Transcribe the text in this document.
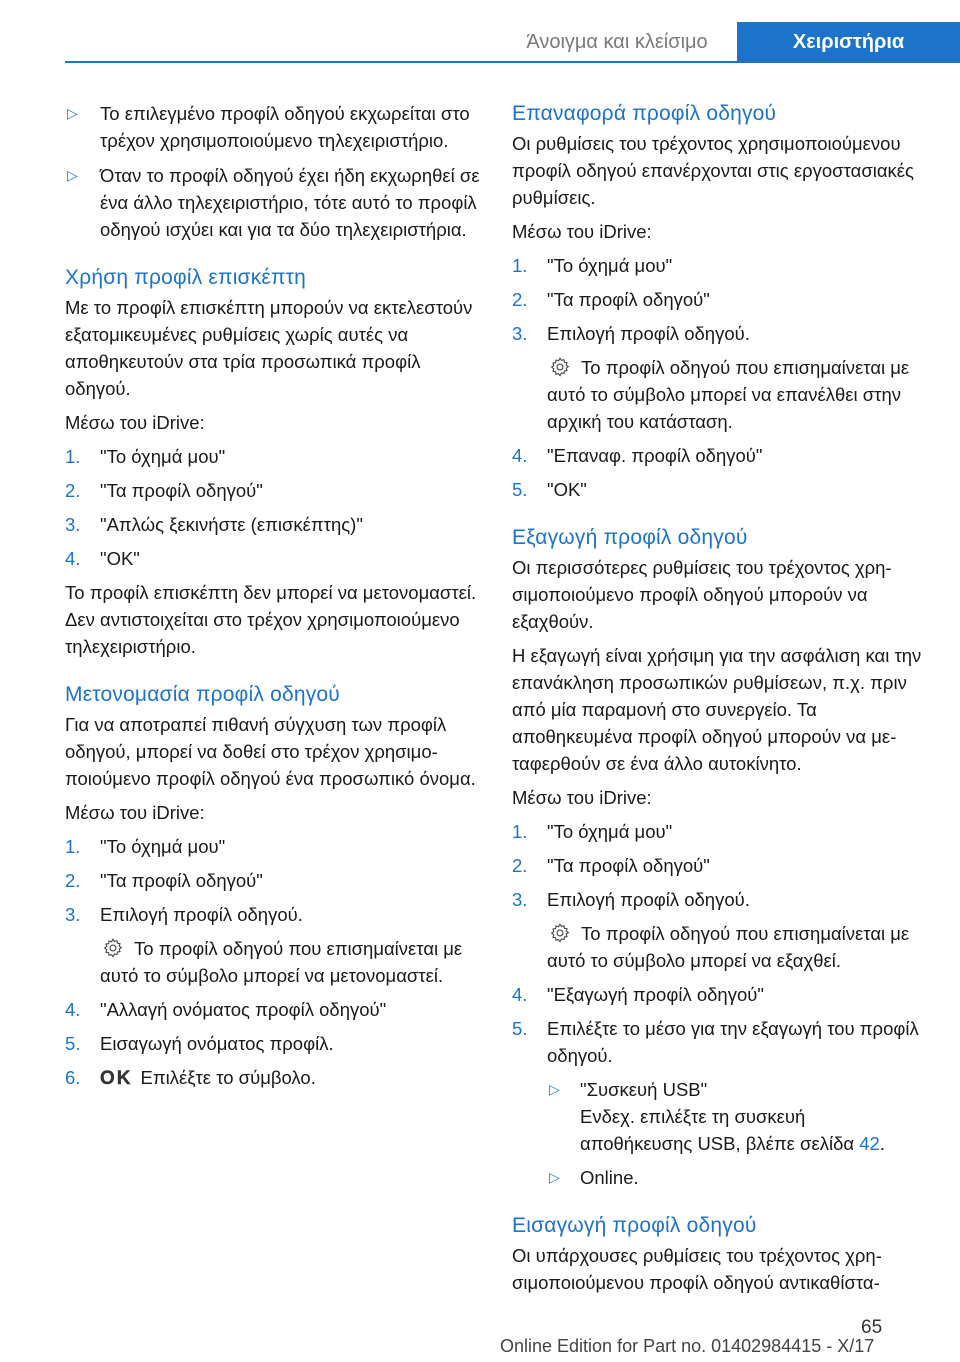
Άνοιγμα και κλείσιμο	Χειριστήρια
▷ Το επιλεγμένο προφίλ οδηγού εκχωρείται στο τρέχον χρησιμοποιούμενο τηλεχειριστήριο.
▷ Όταν το προφίλ οδηγού έχει ήδη εκχωρηθεί σε ένα άλλο τηλεχειριστήριο, τότε αυτό το προφίλ οδηγού ισχύει και για τα δύο τηλεχειριστήρια.
Χρήση προφίλ επισκέπτη

Με το προφίλ επισκέπτη μπορούν να εκτελεστούν εξατομικευμένες ρυθμίσεις χωρίς αυτές να αποθηκευτούν στα τρία προσωπικά προφίλ οδηγού.

Μέσω του iDrive:

1. "Το όχημά μου"
2. "Τα προφίλ οδηγού"
3. "Απλώς ξεκινήστε (επισκέπτης)"
4. "OK"

Το προφίλ επισκέπτη δεν μπορεί να μετονομαστεί. Δεν αντιστοιχείται στο τρέχον χρησιμοποιούμενο τηλεχειριστήριο.

Μετονομασία προφίλ οδηγού

Για να αποτραπεί πιθανή σύγχυση των προφίλ οδηγού, μπορεί να δοθεί στο τρέχον χρησιμοποιούμενο προφίλ οδηγού ένα προσωπικό όνομα.

Μέσω του iDrive:

1. "Το όχημά μου"
2. "Τα προφίλ οδηγού"
3. Επιλογή προφίλ οδηγού.
Το προφίλ οδηγού που επισημαίνεται με αυτό το σύμβολο μπορεί να μετονομαστεί.
4. "Αλλαγή ονόματος προφίλ οδηγού"
5. Εισαγωγή ονόματος προφίλ.
6. OK Επιλέξτε το σύμβολο.
Επαναφορά προφίλ οδηγού

Οι ρυθμίσεις του τρέχοντος χρησιμοποιούμενου προφίλ οδηγού επανέρχονται στις εργοστασιακές ρυθμίσεις.

Μέσω του iDrive:

1. "Το όχημά μου"
2. "Τα προφίλ οδηγού"
3. Επιλογή προφίλ οδηγού.
Το προφίλ οδηγού που επισημαίνεται με αυτό το σύμβολο μπορεί να επανέλθει στην αρχική του κατάσταση.
4. "Επαναφ. προφίλ οδηγού"
5. "OK"
Εξαγωγή προφίλ οδηγού

Οι περισσότερες ρυθμίσεις του τρέχοντος χρησιμοποιούμενο προφίλ οδηγού μπορούν να εξαχθούν.

Η εξαγωγή είναι χρήσιμη για την ασφάλιση και την επανάκληση προσωπικών ρυθμίσεων, π.χ. πριν από μία παραμονή στο συνεργείο. Τα αποθηκευμένα προφίλ οδηγού μπορούν να μεταφερθούν σε ένα άλλο αυτοκίνητο.

Μέσω του iDrive:

1. "Το όχημά μου"
2. "Τα προφίλ οδηγού"
3. Επιλογή προφίλ οδηγού.
Το προφίλ οδηγού που επισημαίνεται με αυτό το σύμβολο μπορεί να εξαχθεί.
4. "Εξαγωγή προφίλ οδηγού"
5. Επιλέξτε το μέσο για την εξαγωγή του προφίλ οδηγού.
▷ "Συσκευή USB"
Ενδεχ. επιλέξτε τη συσκευή αποθήκευσης USB, βλέπε σελίδα 42.
▷ Online.
Εισαγωγή προφίλ οδηγού

Οι υπάρχουσες ρυθμίσεις του τρέχοντος χρησιμοποιούμενου προφίλ οδηγού αντικαθίστα-

65
Online Edition for Part no. 01402984415 - X/17
